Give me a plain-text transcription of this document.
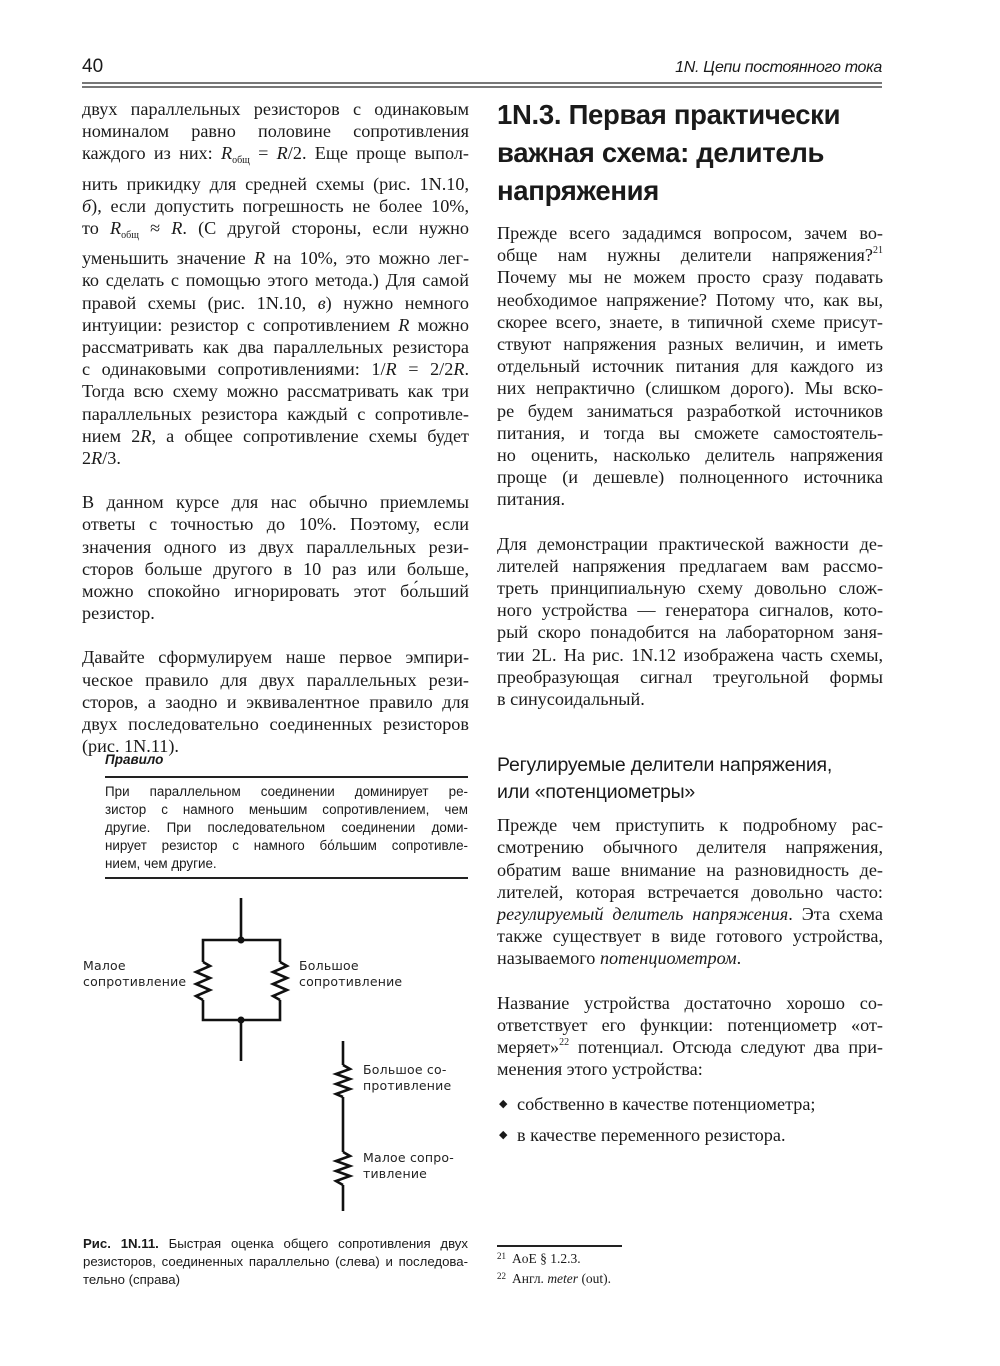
40	1N. Цепи постоянного тока

двух параллельных резисторов с одинаковым
номиналом равно половине сопротивления
каждого из них: $R_{общ} = R/2$. Еще проще выпол-
нить прикидку для средней схемы (рис. 1N.10,
б), если допустить погрешность не более 10%,
то $R_{общ} \approx R$. (С другой стороны, если нужно
уменьшить значение R на 10%, это можно лег-
ко сделать с помощью этого метода.) Для самой
правой схемы (рис. 1N.10, в) нужно немного
интуиции: резистор с сопротивлением R можно
рассматривать как два параллельных резистора
с одинаковыми сопротивлениями: 1/R = 2/2R.
Тогда всю схему можно рассматривать как три
параллельных резистора каждый с сопротивле-
нием 2R, а общее сопротивление схемы будет
2R/3.

В данном курсе для нас обычно приемлемы
ответы с точностью до 10%. Поэтому, если
значения одного из двух параллельных рези-
сторов больше другого в 10 раз или больше,
можно спокойно игнорировать этот бо́льший
резистор.

Давайте сформулируем наше первое эмпири-
ческое правило для двух параллельных рези-
сторов, а заодно и эквивалентное правило для
двух последовательно соединенных резисторов
(рис. 1N.11).

Правило
При параллельном соединении доминирует ре-
зистор с намного меньшим сопротивлением, чем
другие. При последовательном соединении доми-
нирует резистор с намного бо́льшим сопротивле-
нием, чем другие.
Малое
сопротивление
Большое
сопротивление
Большое со-
противление
Малое сопро-
тивление
Рис. 1N.11. Быстрая оценка общего сопротивления двух
резисторов, соединенных параллельно (слева) и последова-
тельно (справа)
1N.3. Первая практически
важная схема: делитель
напряжения

Прежде всего зададимся вопросом, зачем во-
обще нам нужны делители напряжения?$^{21}$
Почему мы не можем просто сразу подавать
необходимое напряжение? Потому что, как вы,
скорее всего, знаете, в типичной схеме присут-
ствуют напряжения разных величин, и иметь
отдельный источник питания для каждого из
них непрактично (слишком дорого). Мы вско-
ре будем заниматься разработкой источников
питания, и тогда вы сможете самостоятель-
но оценить, насколько делитель напряжения
проще (и дешевле) полноценного источника
питания.

Для демонстрации практической важности де-
лителей напряжения предлагаем вам рассмо-
треть принципиальную схему довольно слож-
ного устройства — генератора сигналов, кото-
рый скоро понадобится на лабораторном заня-
тии 2L. На рис. 1N.12 изображена часть схемы,
преобразующая сигнал треугольной формы
в синусоидальный.

Регулируемые делители напряжения,
или «потенциометры»

Прежде чем приступить к подробному рас-
смотрению обычного делителя напряжения,
обратим ваше внимание на разновидность де-
лителей, которая встречается довольно часто:
регулируемый делитель напряжения. Эта схема
также существует в виде готового устройства,
называемого потенциометром.

Название устройства достаточно хорошо со-
ответствует его функции: потенциометр «от-
меряет»$^{22}$ потенциал. Отсюда следуют два при-
менения этого устройства:

◆ собственно в качестве потенциометра;
◆ в качестве переменного резистора.
$^{21}$ AoE § 1.2.3.
$^{22}$ Англ. meter (out).
